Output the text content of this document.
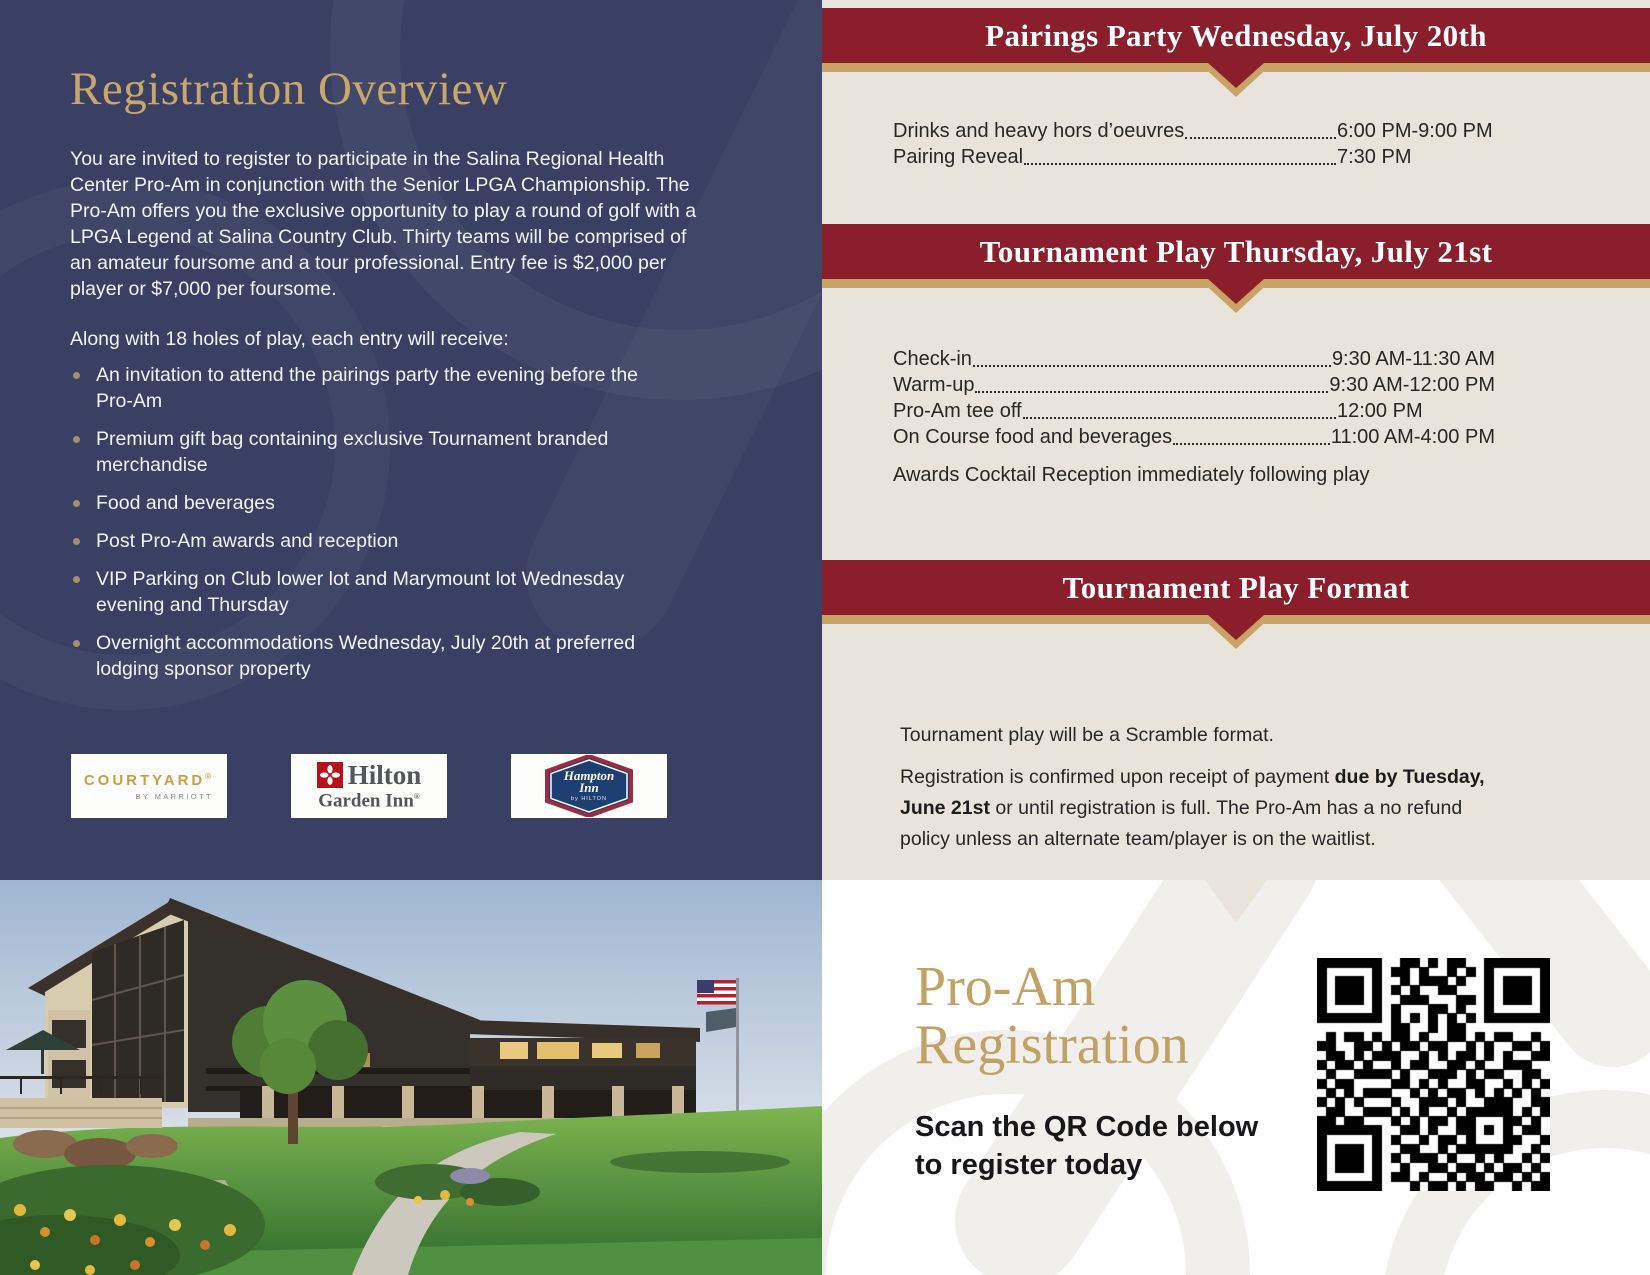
Registration Overview
You are invited to register to participate in the Salina Regional Health Center Pro-Am in conjunction with the Senior LPGA Championship. The Pro-Am offers you the exclusive opportunity to play a round of golf with a LPGA Legend at Salina Country Club. Thirty teams will be comprised of an amateur foursome and a tour professional. Entry fee is $2,000 per player or $7,000 per foursome.
Along with 18 holes of play, each entry will receive:
An invitation to attend the pairings party the evening before the Pro-Am
Premium gift bag containing exclusive Tournament branded merchandise
Food and beverages
Post Pro-Am awards and reception
VIP Parking on Club lower lot and Marymount lot Wednesday evening and Thursday
Overnight accommodations Wednesday, July 20th at preferred lodging sponsor property
COURTYARD®
BY MARRIOTT
Hilton
Garden Inn®
Hampton
Inn
by HILTON
Pairings Party Wednesday, July 20th
Drinks and heavy hors d’oeuvres	6:00 PM-9:00 PM
Pairing Reveal	7:30 PM
Tournament Play Thursday, July 21st
Check-in	9:30 AM-11:30 AM
Warm-up	9:30 AM-12:00 PM
Pro-Am tee off	12:00 PM
On Course food and beverages	11:00 AM-4:00 PM
Awards Cocktail Reception immediately following play
Tournament Play Format
Tournament play will be a Scramble format.
Registration is confirmed upon receipt of payment due by Tuesday, June 21st or until registration is full. The Pro-Am has a no refund policy unless an alternate team/player is on the waitlist.
Pro-Am
Registration
Scan the QR Code below
to register today
